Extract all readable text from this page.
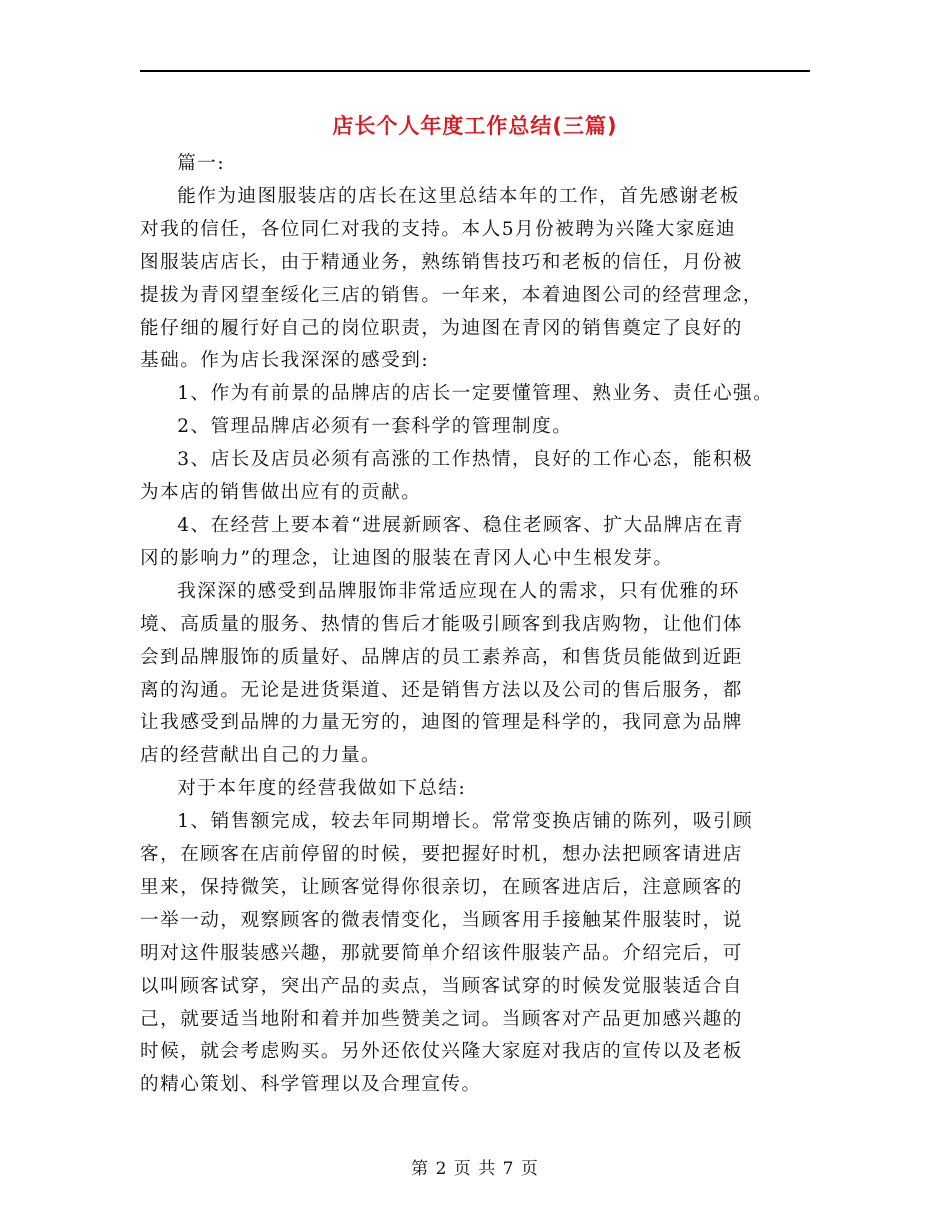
店长个人年度工作总结(三篇)
篇一:
能作为迪图服装店的店长在这里总结本年的工作，首先感谢老板
对我的信任，各位同仁对我的支持。本人5月份被聘为兴隆大家庭迪
图服装店店长，由于精通业务，熟练销售技巧和老板的信任，月份被
提拔为青冈望奎绥化三店的销售。一年来，本着迪图公司的经营理念，
能仔细的履行好自己的岗位职责，为迪图在青冈的销售奠定了良好的
基础。作为店长我深深的感受到:
1、作为有前景的品牌店的店长一定要懂管理、熟业务、责任心强。
2、管理品牌店必须有一套科学的管理制度。
3、店长及店员必须有高涨的工作热情，良好的工作心态，能积极
为本店的销售做出应有的贡献。
4、在经营上要本着“进展新顾客、稳住老顾客、扩大品牌店在青
冈的影响力”的理念，让迪图的服装在青冈人心中生根发芽。
我深深的感受到品牌服饰非常适应现在人的需求，只有优雅的环
境、高质量的服务、热情的售后才能吸引顾客到我店购物，让他们体
会到品牌服饰的质量好、品牌店的员工素养高，和售货员能做到近距
离的沟通。无论是进货渠道、还是销售方法以及公司的售后服务，都
让我感受到品牌的力量无穷的，迪图的管理是科学的，我同意为品牌
店的经营献出自己的力量。
对于本年度的经营我做如下总结:
1、销售额完成，较去年同期增长。常常变换店铺的陈列，吸引顾
客，在顾客在店前停留的时候，要把握好时机，想办法把顾客请进店
里来，保持微笑，让顾客觉得你很亲切，在顾客进店后，注意顾客的
一举一动，观察顾客的微表情变化，当顾客用手接触某件服装时，说
明对这件服装感兴趣，那就要简单介绍该件服装产品。介绍完后，可
以叫顾客试穿，突出产品的卖点，当顾客试穿的时候发觉服装适合自
己，就要适当地附和着并加些赞美之词。当顾客对产品更加感兴趣的
时候，就会考虑购买。另外还依仗兴隆大家庭对我店的宣传以及老板
的精心策划、科学管理以及合理宣传。
第 2 页 共 7 页
